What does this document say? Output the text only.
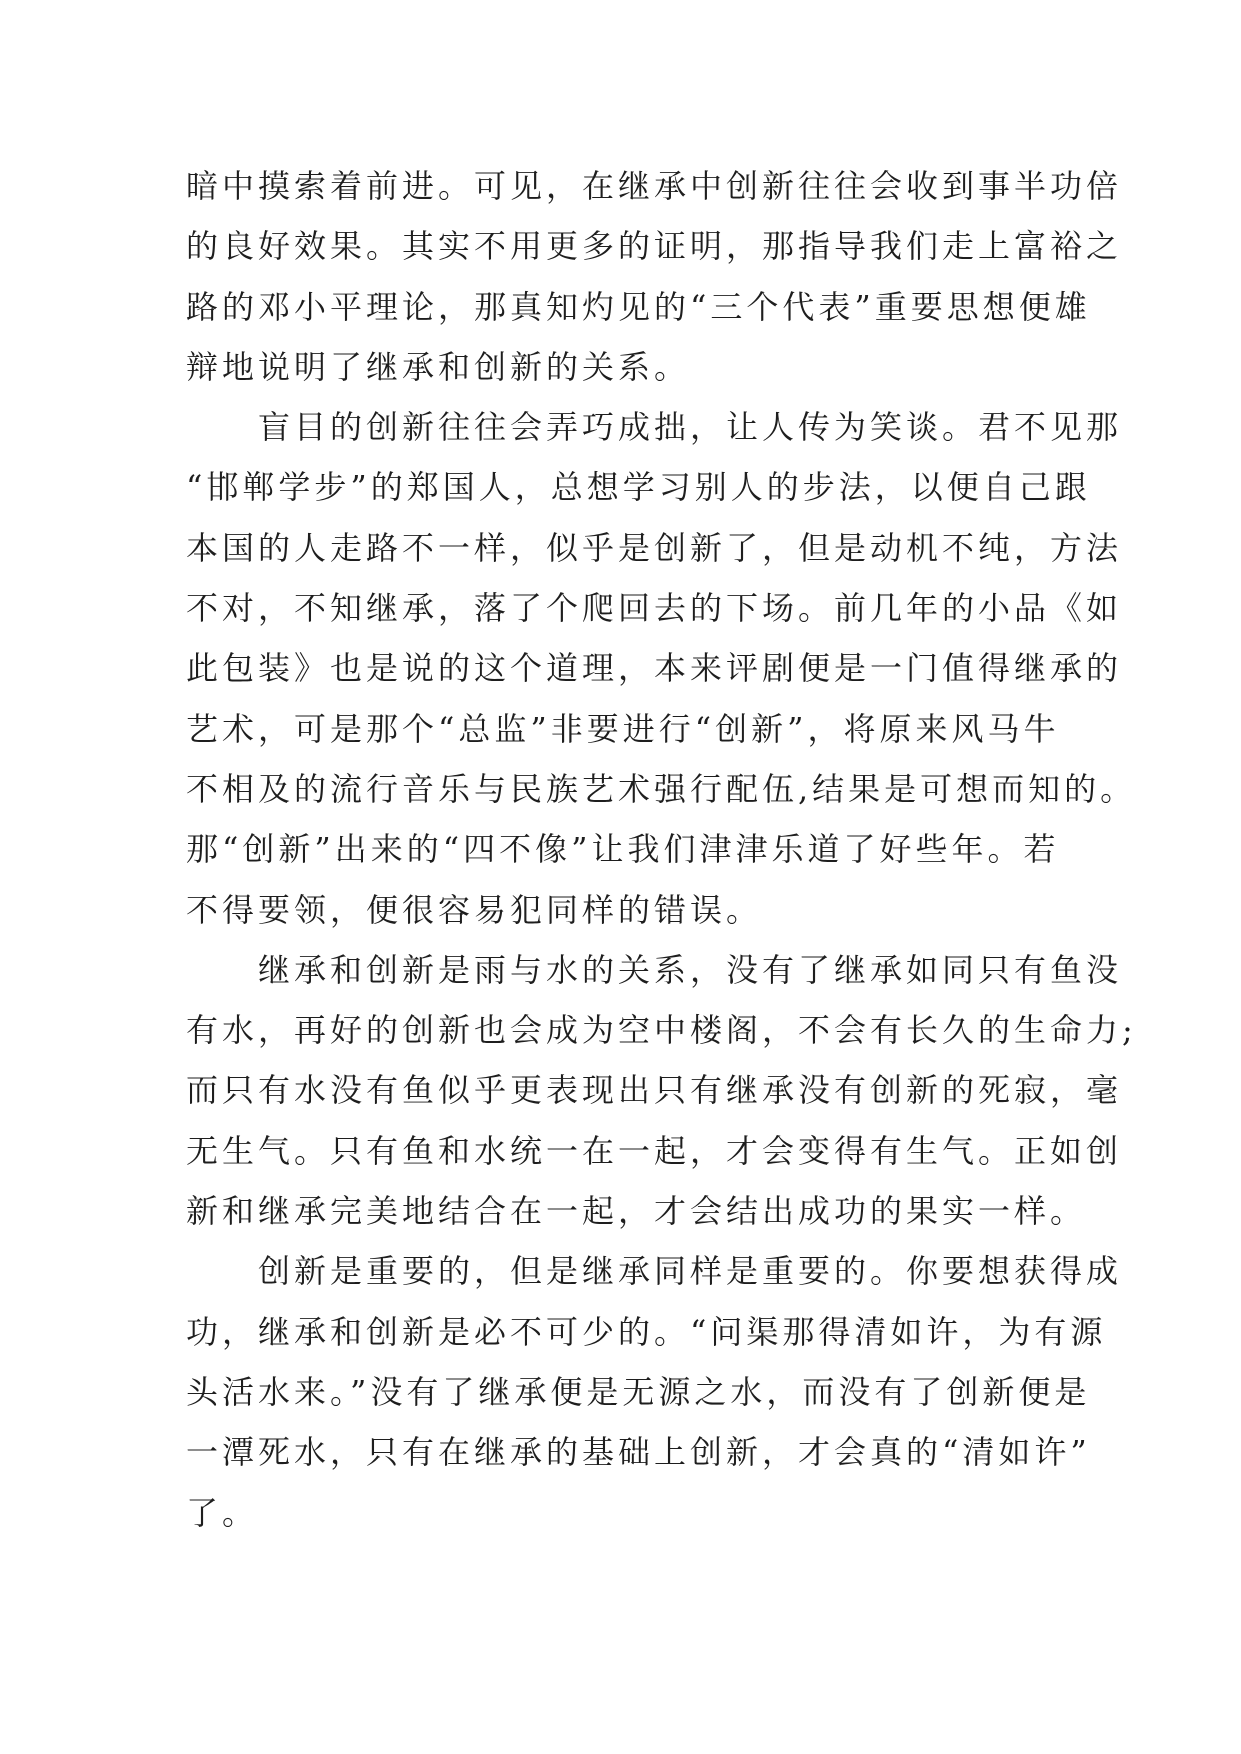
暗中摸索着前进。可见，在继承中创新往往会收到事半功倍
的良好效果。其实不用更多的证明，那指导我们走上富裕之
路的邓小平理论，那真知灼见的“三个代表”重要思想便雄
辩地说明了继承和创新的关系。
盲目的创新往往会弄巧成拙，让人传为笑谈。君不见那
“邯郸学步”的郑国人，总想学习别人的步法，以便自己跟
本国的人走路不一样，似乎是创新了，但是动机不纯，方法
不对，不知继承，落了个爬回去的下场。前几年的小品《如
此包装》也是说的这个道理，本来评剧便是一门值得继承的
艺术，可是那个“总监”非要进行“创新”，将原来风马牛
不相及的流行音乐与民族艺术强行配伍,结果是可想而知的。
那“创新”出来的“四不像”让我们津津乐道了好些年。若
不得要领，便很容易犯同样的错误。
继承和创新是雨与水的关系，没有了继承如同只有鱼没
有水，再好的创新也会成为空中楼阁，不会有长久的生命力;
而只有水没有鱼似乎更表现出只有继承没有创新的死寂，毫
无生气。只有鱼和水统一在一起，才会变得有生气。正如创
新和继承完美地结合在一起，才会结出成功的果实一样。
创新是重要的，但是继承同样是重要的。你要想获得成
功，继承和创新是必不可少的。“问渠那得清如许，为有源
头活水来。”没有了继承便是无源之水，而没有了创新便是
一潭死水，只有在继承的基础上创新，才会真的“清如许”
了。
